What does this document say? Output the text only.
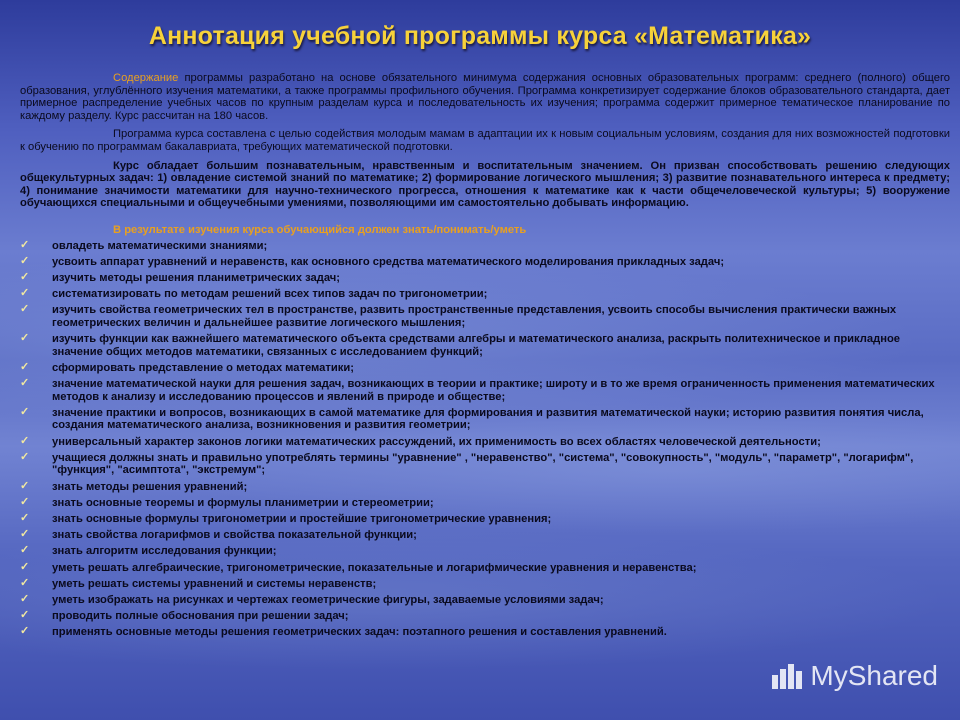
Аннотация учебной программы курса «Математика»

Содержание программы разработано на основе обязательного минимума содержания основных образовательных программ: среднего (полного) общего образования, углублённого изучения математики, а также программы профильного обучения. Программа конкретизирует содержание блоков образовательного стандарта, дает примерное распределение учебных часов по крупным разделам курса и последовательность их изучения; программа содержит примерное тематическое планирование по каждому разделу. Курс рассчитан на 180 часов.

Программа курса составлена с целью содействия молодым мамам в адаптации их к новым социальным условиям, создания для них возможностей подготовки к обучению по программам бакалавриата, требующих математической подготовки.

Курс обладает большим познавательным, нравственным и воспитательным значением. Он призван способствовать решению следующих общекультурных задач: 1) овладение системой знаний по математике; 2) формирование логического мышления; 3) развитие познавательного интереса к предмету; 4) понимание значимости математики для научно-технического прогресса, отношения к математике как к части общечеловеческой культуры; 5) вооружение обучающихся специальными и общеучебными умениями, позволяющими им самостоятельно добывать информацию.

В результате изучения курса обучающийся должен знать/понимать/уметь
✓ овладеть математическими знаниями;
✓ усвоить аппарат уравнений и неравенств, как основного средства математического моделирования прикладных задач;
✓ изучить методы решения планиметрических задач;
✓ систематизировать по методам решений всех типов задач по тригонометрии;
✓ изучить свойства геометрических тел в пространстве, развить пространственные представления, усвоить способы вычисления практически важных геометрических величин и дальнейшее развитие логического мышления;
✓ изучить функции как важнейшего математического объекта средствами алгебры и математического анализа, раскрыть политехническое и прикладное значение общих методов математики, связанных с исследованием функций;
✓ сформировать представление о методах математики;
✓ значение математической науки для решения задач, возникающих в теории и практике; широту и в то же время ограниченность применения математических методов к анализу и исследованию процессов и явлений в природе и обществе;
✓ значение практики и вопросов, возникающих в самой математике для формирования и развития математической науки; историю развития понятия числа, создания математического анализа, возникновения и развития геометрии;
✓ универсальный характер законов логики математических рассуждений, их применимость во всех областях человеческой деятельности;
✓ учащиеся должны знать и правильно употреблять термины "уравнение" , "неравенство", "система", "совокупность", "модуль", "параметр", "логарифм", "функция", "асимптота", "экстремум";
✓ знать методы решения уравнений;
✓ знать основные теоремы и формулы планиметрии и стереометрии;
✓ знать основные формулы тригонометрии и простейшие тригонометрические уравнения;
✓ знать свойства логарифмов и свойства показательной функции;
✓ знать алгоритм исследования функции;
✓ уметь решать алгебраические, тригонометрические, показательные и логарифмические уравнения и неравенства;
✓ уметь решать системы уравнений и системы неравенств;
✓ уметь изображать на рисунках и чертежах геометрические фигуры, задаваемые условиями задач;
✓ проводить полные обоснования при решении задач;
✓ применять основные методы решения геометрических задач: поэтапного решения и составления уравнений.
MyShared
